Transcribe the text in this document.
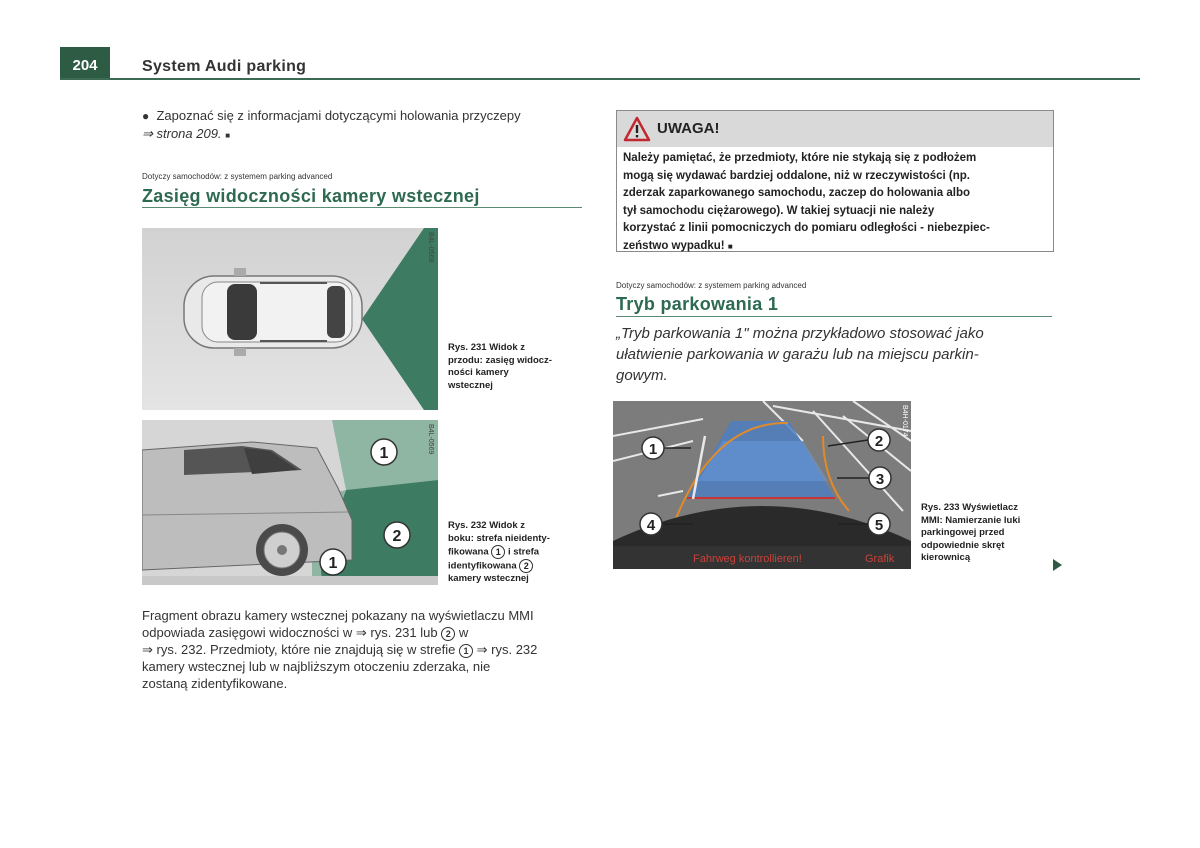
204	System Audi parking
● Zapoznać się z informacjami dotyczącymi holowania przyczepy
⇒ strona 209. ■
Dotyczy samochodów: z systemem parking advanced
Zasięg widoczności kamery wstecznej
B4L-0568
Rys. 231 Widok z
przodu: zasięg widocz-
ności kamery
wstecznej
1
2
1
B4L-0569
Rys. 232 Widok z
boku: strefa nieidenty-
fikowana 1 i strefa
identyfikowana 2
kamery wstecznej
Fragment obrazu kamery wstecznej pokazany na wyświetlaczu MMI
odpowiada zasięgowi widoczności w ⇒ rys. 231 lub 2 w
⇒ rys. 232. Przedmioty, które nie znajdują się w strefie 1 ⇒ rys. 232
kamery wstecznej lub w najbliższym otoczeniu zderzaka, nie
zostaną zidentyfikowane.
UWAGA!
Należy pamiętać, że przedmioty, które nie stykają się z podłożem
mogą się wydawać bardziej oddalone, niż w rzeczywistości (np.
zderzak zaparkowanego samochodu, zaczep do holowania albo
tył samochodu ciężarowego). W takiej sytuacji nie należy
korzystać z linii pomocniczych do pomiaru odległości - niebezpiec-
zeństwo wypadku! ■
Dotyczy samochodów: z systemem parking advanced
Tryb parkowania 1
„Tryb parkowania 1" można przykładowo stosować jako
ułatwienie parkowania w garażu lub na miejscu parkin-
gowym.
1	2
3
4	5
Fahrweg kontrollieren!	Grafik
B4H-0174
Rys. 233 Wyświetlacz
MMI: Namierzanie luki
parkingowej przed
odpowiednie skręt
kierownicą
